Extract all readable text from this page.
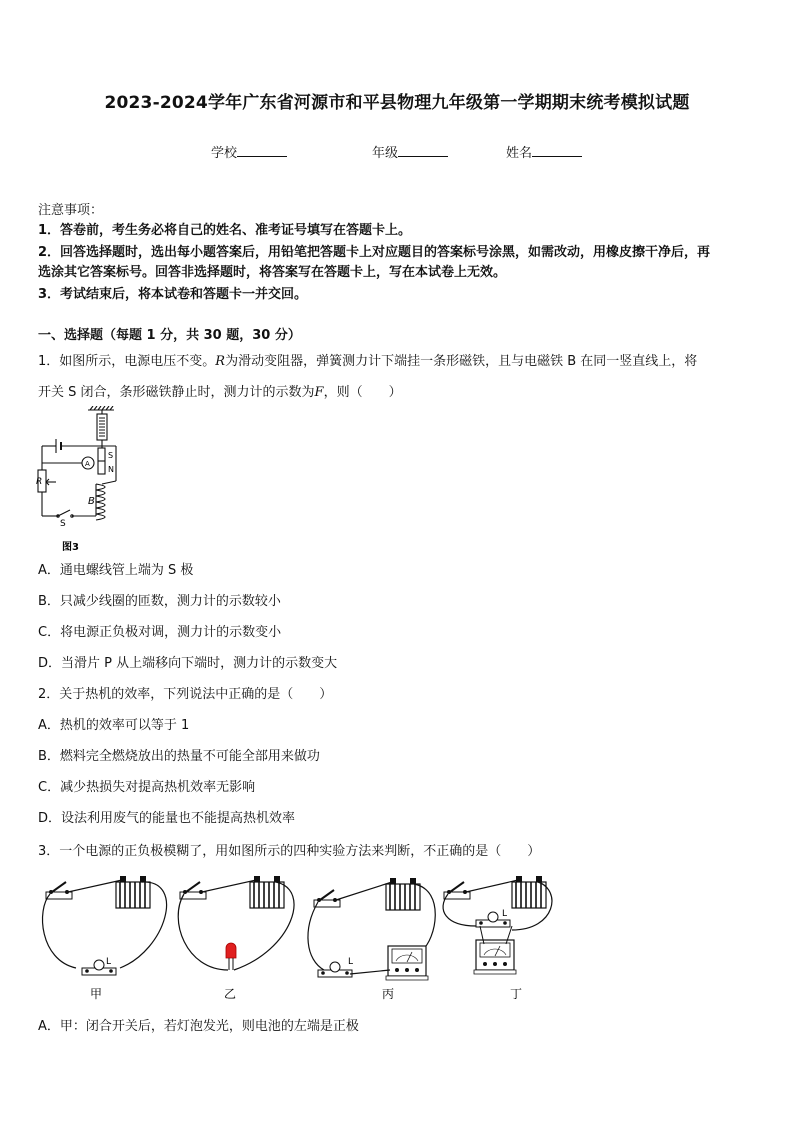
2023-2024学年广东省河源市和平县物理九年级第一学期期末统考模拟试题
学校	年级	姓名
注意事项：
1．答卷前，考生务必将自己的姓名、准考证号填写在答题卡上。
2．回答选择题时，选出每小题答案后，用铅笔把答题卡上对应题目的答案标号涂黑，如需改动，用橡皮擦干净后，再
选涂其它答案标号。回答非选择题时，将答案写在答题卡上，写在本试卷上无效。
3．考试结束后，将本试卷和答题卡一并交回。
一、选择题（每题 1 分，共 30 题，30 分）
1．如图所示，电源电压不变。R为滑动变阻器，弹簧测力计下端挂一条形磁铁，且与电磁铁 B 在同一竖直线上，将
开关 S 闭合，条形磁铁静止时，测力计的示数为F，则（　　）
S
N
A
R
B
S
图3
A．通电螺线管上端为 S 极
B．只减少线圈的匝数，测力计的示数较小
C．将电源正负极对调，测力计的示数变小
D．当滑片 P 从上端移向下端时，测力计的示数变大
2．关于热机的效率，下列说法中正确的是（　　）
A．热机的效率可以等于 1
B．燃料完全燃烧放出的热量不可能全部用来做功
C．减少热损失对提高热机效率无影响
D．设法利用废气的能量也不能提高热机效率
3．一个电源的正负极模糊了，用如图所示的四种实验方法来判断，不正确的是（　　）
L
甲	乙
L
丙
L
丁
A．甲：闭合开关后，若灯泡发光，则电池的左端是正极
